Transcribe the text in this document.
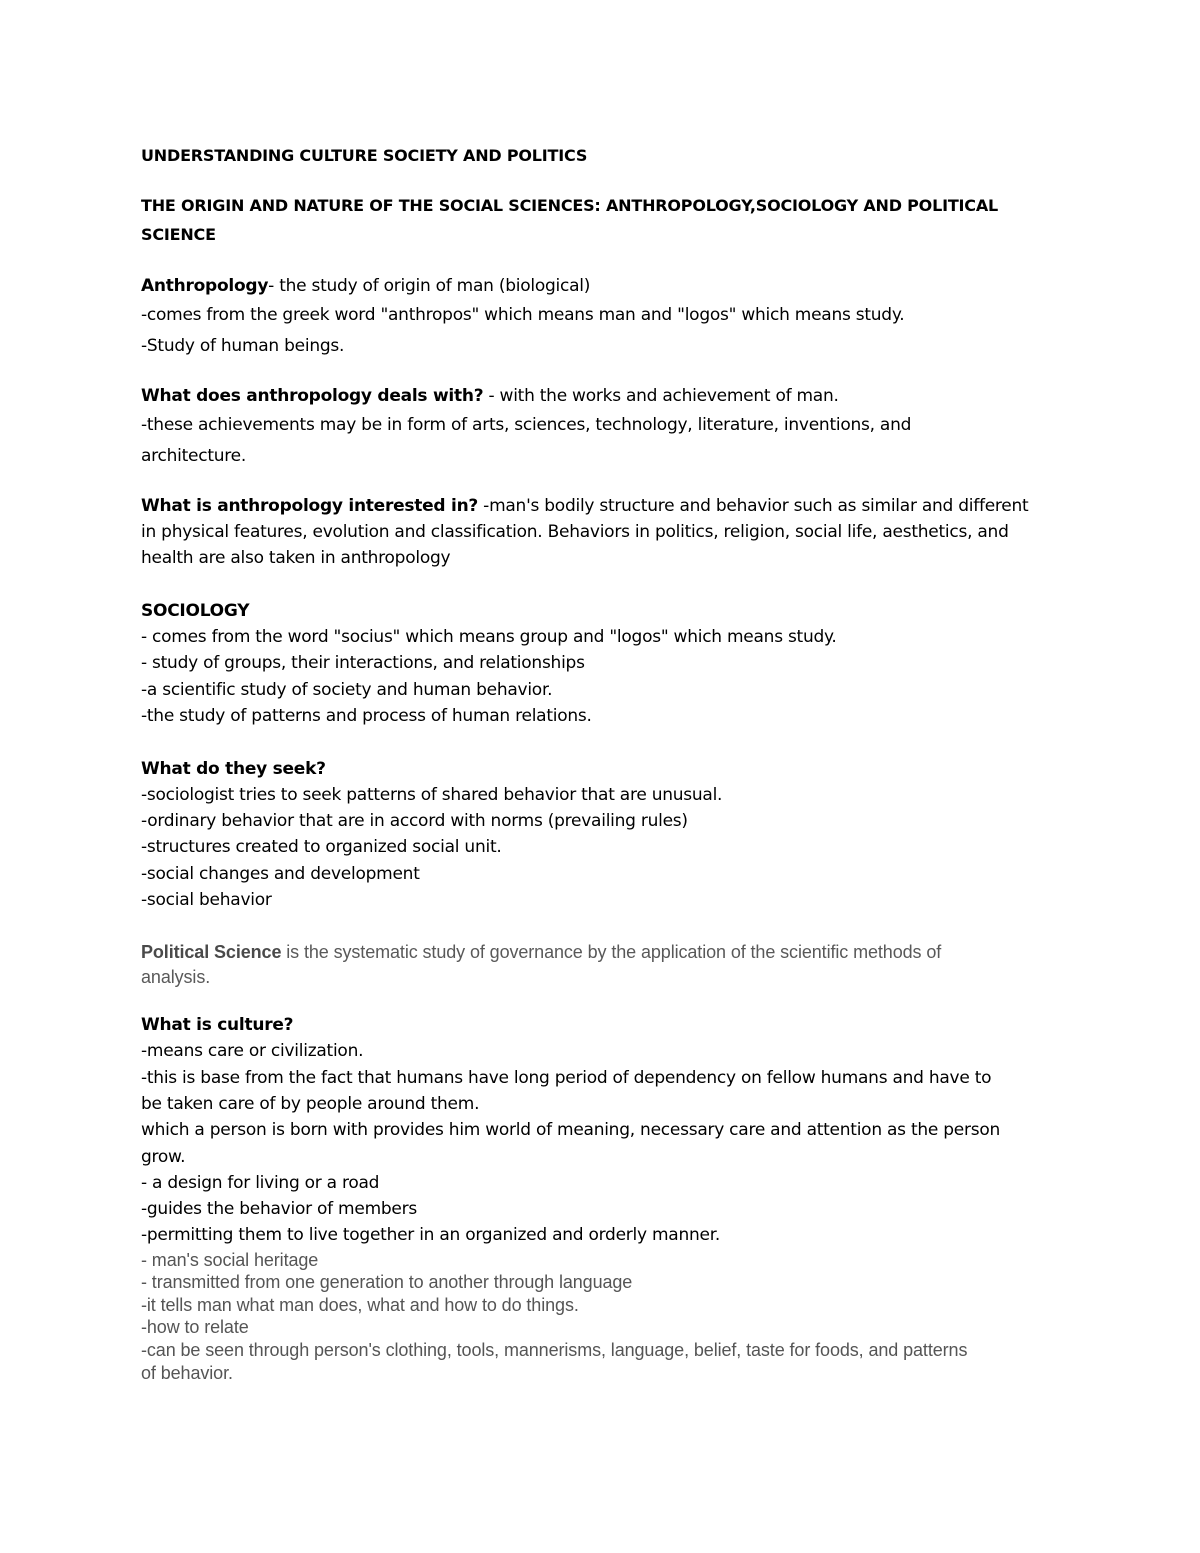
UNDERSTANDING CULTURE SOCIETY AND POLITICS
THE ORIGIN AND NATURE OF THE SOCIAL SCIENCES: ANTHROPOLOGY,SOCIOLOGY AND POLITICAL
SCIENCE
Anthropology- the study of origin of man (biological)
-comes from the greek word "anthropos" which means man and "logos" which means study.
-Study of human beings.
What does anthropology deals with? - with the works and achievement of man.
-these achievements may be in form of arts, sciences, technology, literature, inventions, and
architecture.
What is anthropology interested in? -man's bodily structure and behavior such as similar and different
in physical features, evolution and classification. Behaviors in politics, religion, social life, aesthetics, and
health are also taken in anthropology
SOCIOLOGY
- comes from the word "socius" which means group and "logos" which means study.
- study of groups, their interactions, and relationships
-a scientific study of society and human behavior.
-the study of patterns and process of human relations.
What do they seek?
-sociologist tries to seek patterns of shared behavior that are unusual.
-ordinary behavior that are in accord with norms (prevailing rules)
-structures created to organized social unit.
-social changes and development
-social behavior
Political Science is the systematic study of governance by the application of the scientific methods of
analysis.
What is culture?
-means care or civilization.
-this is base from the fact that humans have long period of dependency on fellow humans and have to
be taken care of by people around them.
which a person is born with provides him world of meaning, necessary care and attention as the person
grow.
- a design for living or a road
-guides the behavior of members
-permitting them to live together in an organized and orderly manner.
- man's social heritage
- transmitted from one generation to another through language
-it tells man what man does, what and how to do things.
-how to relate
-can be seen through person's clothing, tools, mannerisms, language, belief, taste for foods, and patterns
of behavior.
